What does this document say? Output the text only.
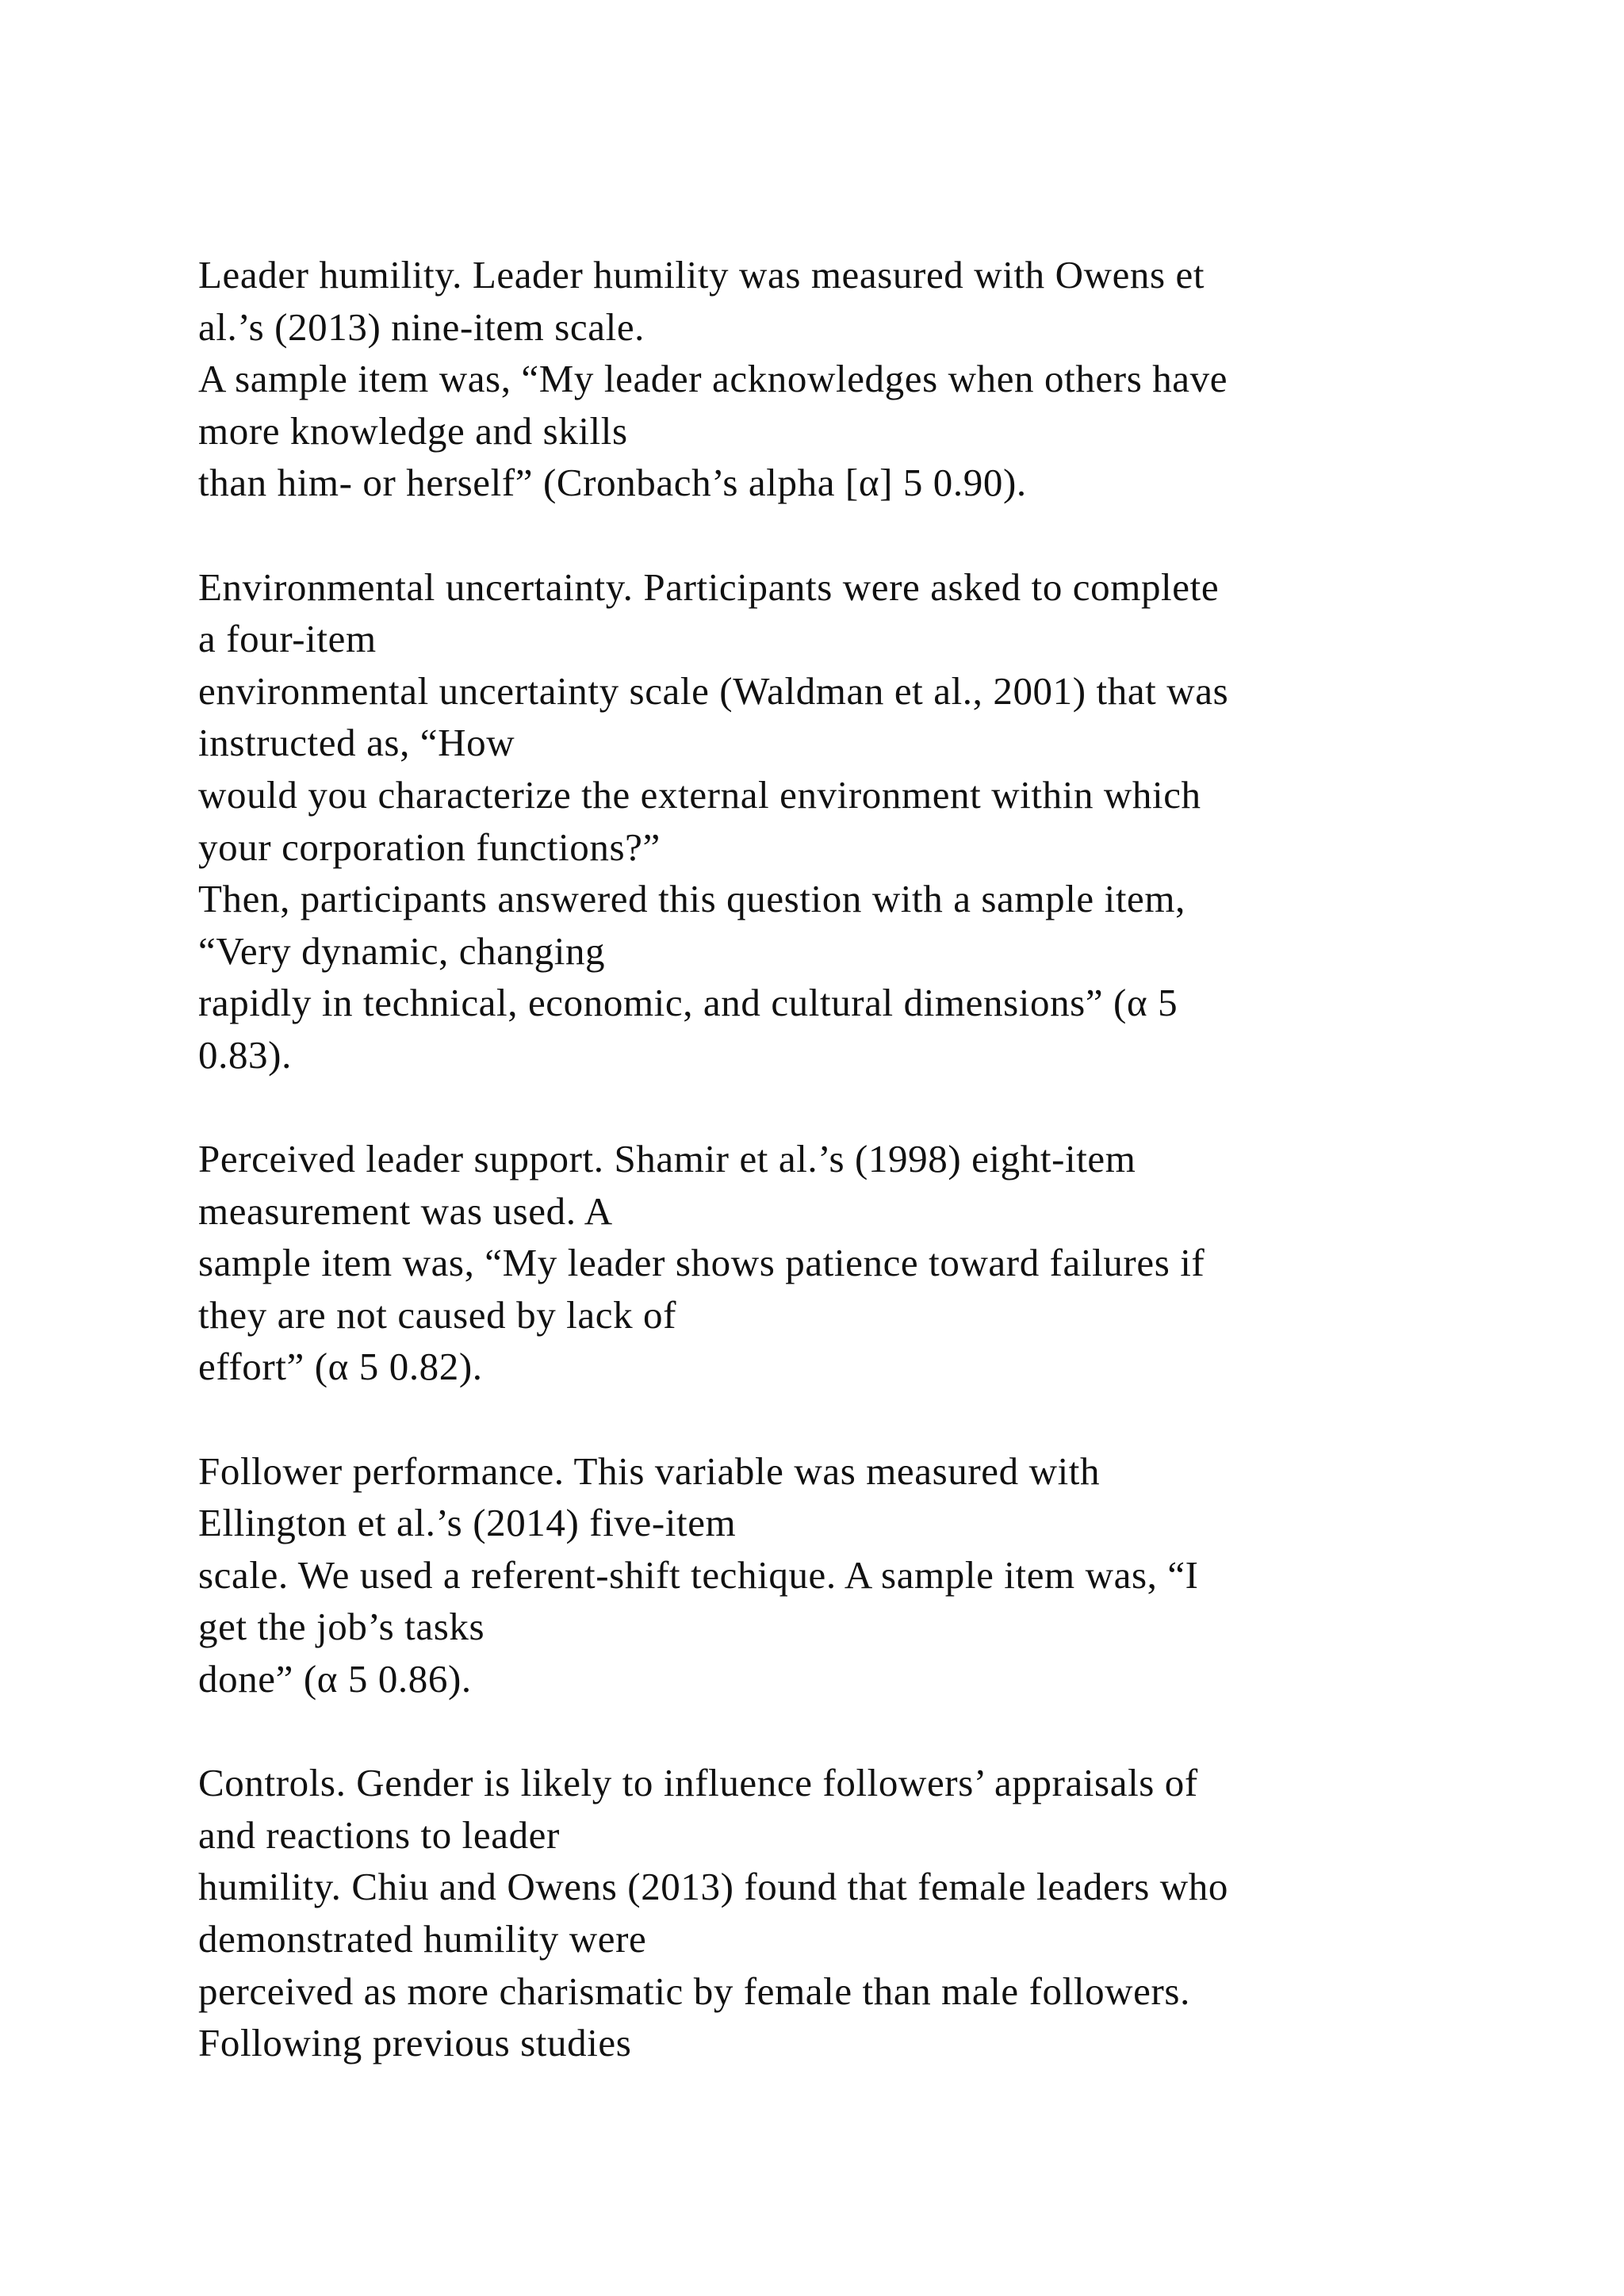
Leader humility. Leader humility was measured with Owens et
al.’s (2013) nine-item scale.
A sample item was, “My leader acknowledges when others have
more knowledge and skills
than him- or herself” (Cronbach’s alpha [α] 5 0.90).
Environmental uncertainty. Participants were asked to complete
a four-item
environmental uncertainty scale (Waldman et al., 2001) that was
instructed as, “How
would you characterize the external environment within which
your corporation functions?”
Then, participants answered this question with a sample item,
“Very dynamic, changing
rapidly in technical, economic, and cultural dimensions” (α 5
0.83).
Perceived leader support. Shamir et al.’s (1998) eight-item
measurement was used. A
sample item was, “My leader shows patience toward failures if
they are not caused by lack of
effort” (α 5 0.82).
Follower performance. This variable was measured with
Ellington et al.’s (2014) five-item
scale. We used a referent-shift techique. A sample item was, “I
get the job’s tasks
done” (α 5 0.86).
Controls. Gender is likely to influence followers’ appraisals of
and reactions to leader
humility. Chiu and Owens (2013) found that female leaders who
demonstrated humility were
perceived as more charismatic by female than male followers.
Following previous studies
